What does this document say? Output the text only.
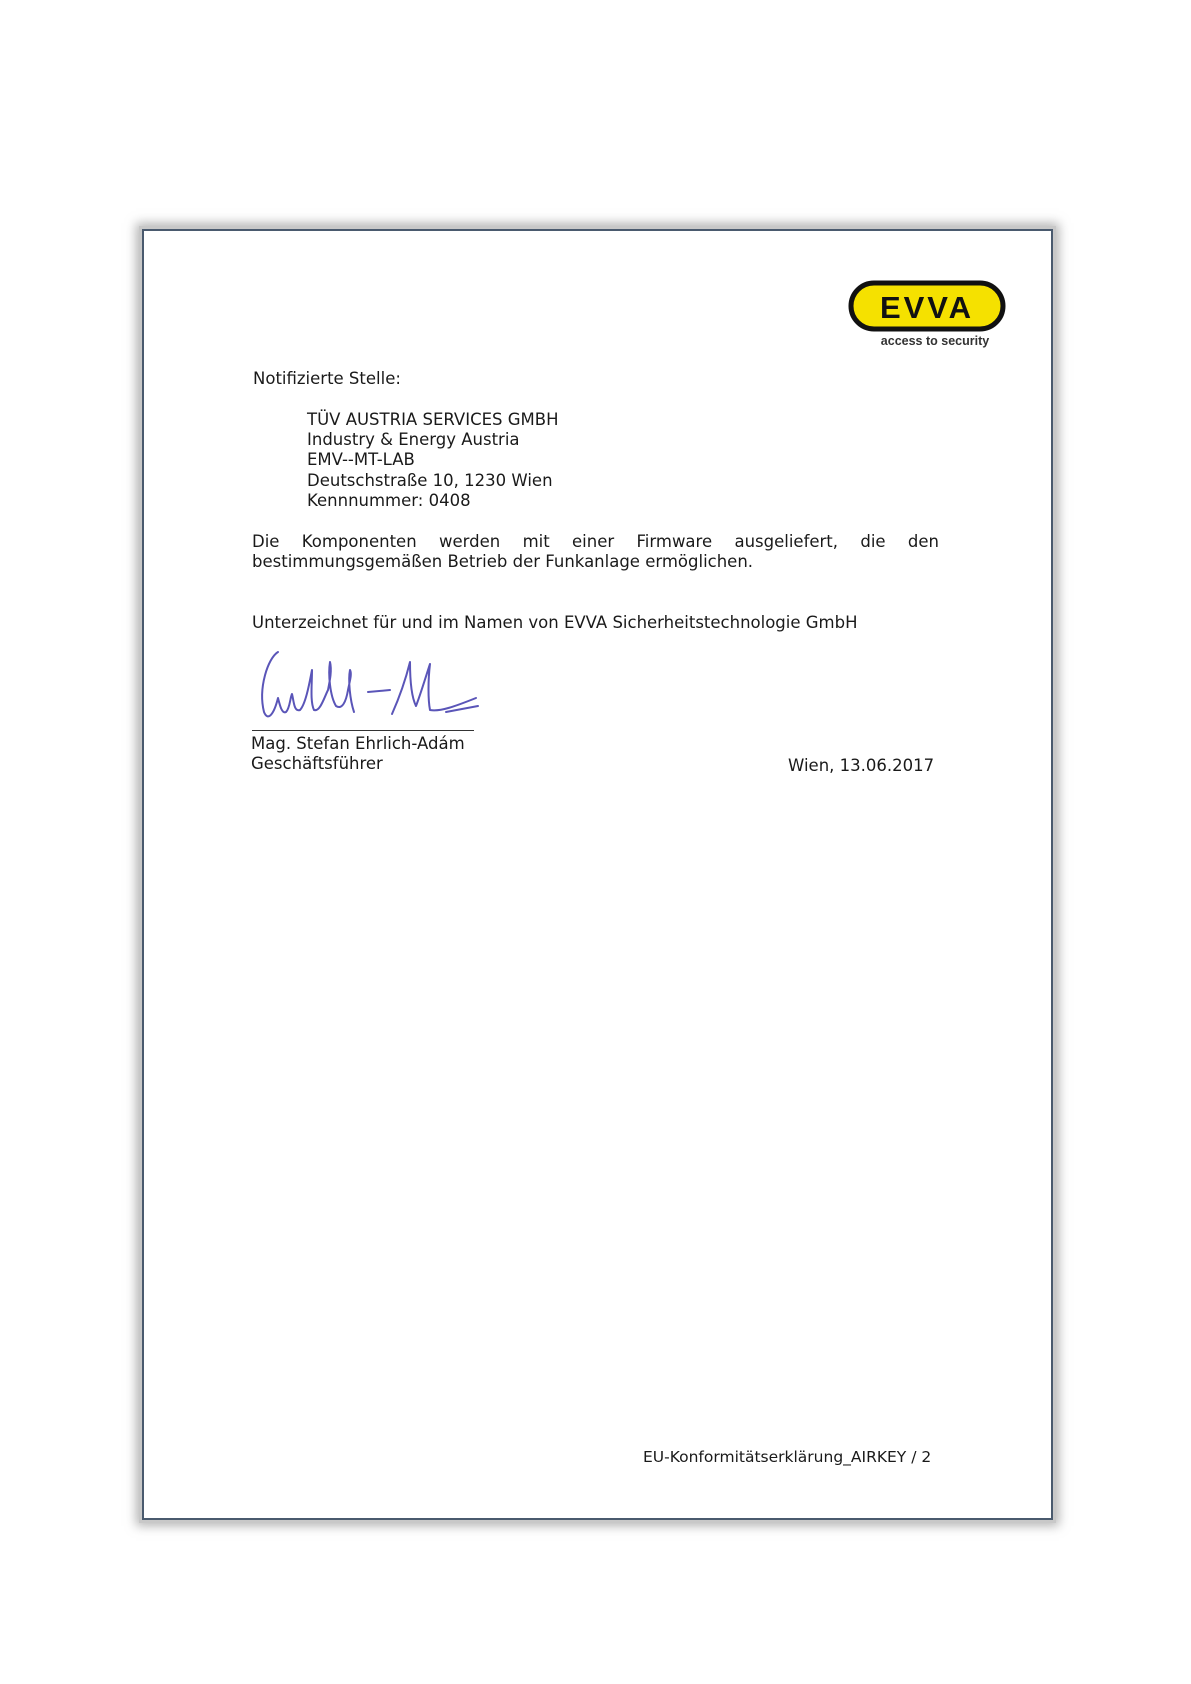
EVVA
access to security
Notifizierte Stelle:
TÜV AUSTRIA SERVICES GMBH
Industry & Energy Austria
EMV--MT-LAB
Deutschstraße 10, 1230 Wien
Kennnummer: 0408
Die Komponenten werden mit einer Firmware ausgeliefert, die den
bestimmungsgemäßen Betrieb der Funkanlage ermöglichen.
Unterzeichnet für und im Namen von EVVA Sicherheitstechnologie GmbH
Mag. Stefan Ehrlich-Adám
Geschäftsführer	Wien, 13.06.2017
EU-Konformitätserklärung_AIRKEY / 2
